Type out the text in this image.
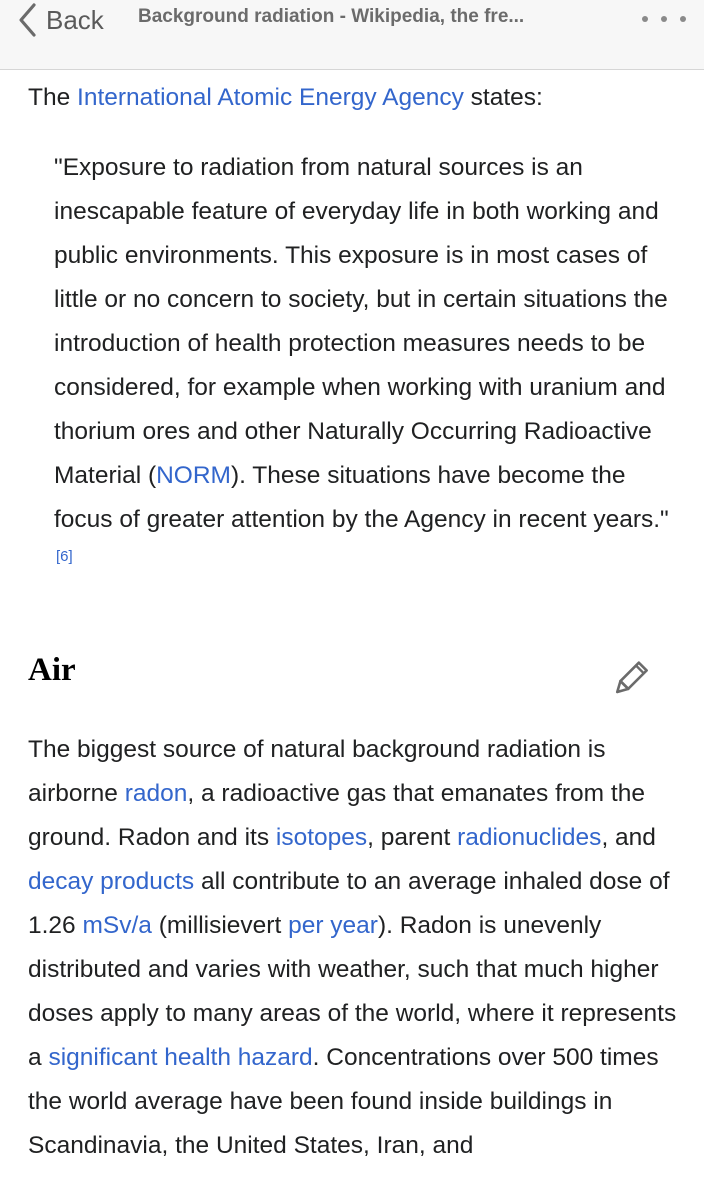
Back Background radiation - Wikipedia, the fre...

The International Atomic Energy Agency states:

"Exposure to radiation from natural sources is an inescapable feature of everyday life in both working and public environments. This exposure is in most cases of little or no concern to society, but in certain situations the introduction of health protection measures needs to be considered, for example when working with uranium and thorium ores and other Naturally Occurring Radioactive Material (NORM). These situations have become the focus of greater attention by the Agency in recent years." [6]

Air

The biggest source of natural background radiation is airborne radon, a radioactive gas that emanates from the ground. Radon and its isotopes, parent radionuclides, and decay products all contribute to an average inhaled dose of 1.26 mSv/a (millisievert per year). Radon is unevenly distributed and varies with weather, such that much higher doses apply to many areas of the world, where it represents a significant health hazard. Concentrations over 500 times the world average have been found inside buildings in Scandinavia, the United States, Iran, and
